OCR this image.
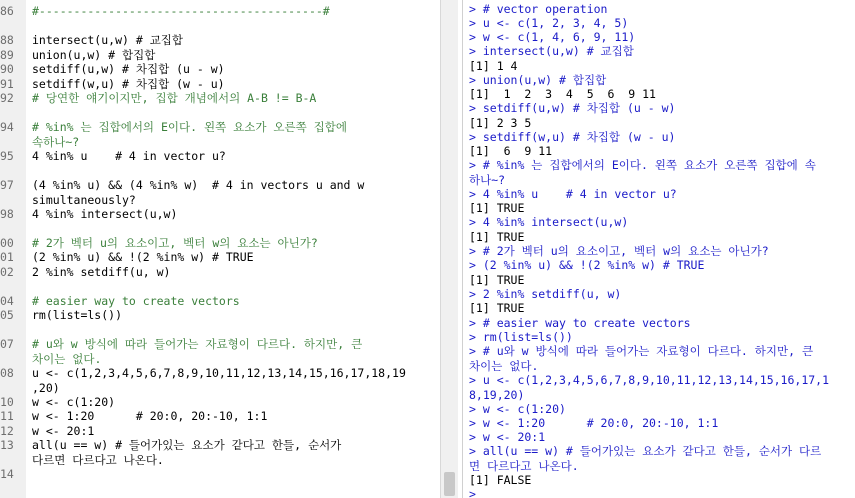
86	#-----------------------------------------#
88	intersect(u,w) # 교집합
89	union(u,w) # 합집합
90	setdiff(u,w) # 차집합 (u - w)
91	setdiff(w,u) # 차집합 (w - u)
92	# 당연한 얘기이지만, 집합 개념에서의 A-B != B-A
94	# %in% 는 집합에서의 E이다. 왼쪽 요소가 오른쪽 집합에
속하나~?
95	4 %in% u    # 4 in vector u?
97	(4 %in% u) && (4 %in% w)  # 4 in vectors u and w
simultaneously?
98	4 %in% intersect(u,w)
00	# 2가 벡터 u의 요소이고, 벡터 w의 요소는 아닌가?
01	(2 %in% u) && !(2 %in% w) # TRUE
02	2 %in% setdiff(u, w)
04	# easier way to create vectors
05	rm(list=ls())
07	# u와 w 방식에 따라 들어가는 자료형이 다르다. 하지만, 큰
차이는 없다.
08	u <- c(1,2,3,4,5,6,7,8,9,10,11,12,13,14,15,16,17,18,19
,20)
10	w <- c(1:20)
11	w <- 1:20      # 20:0, 20:-10, 1:1
12	w <- 20:1
13	all(u == w) # 들어가있는 요소가 같다고 한들, 순서가
다르면 다르다고 나온다.
14
> # vector operation
> u <- c(1, 2, 3, 4, 5)
> w <- c(1, 4, 6, 9, 11)
> intersect(u,w) # 교집합
[1] 1 4
> union(u,w) # 합집합
[1]  1  2  3  4  5  6  9 11
> setdiff(u,w) # 차집합 (u - w)
[1] 2 3 5
> setdiff(w,u) # 차집합 (w - u)
[1]  6  9 11
> # %in% 는 집합에서의 E이다. 왼쪽 요소가 오른쪽 집합에 속
하나~?
> 4 %in% u    # 4 in vector u?
[1] TRUE
> 4 %in% intersect(u,w)
[1] TRUE
> # 2가 벡터 u의 요소이고, 벡터 w의 요소는 아닌가?
> (2 %in% u) && !(2 %in% w) # TRUE
[1] TRUE
> 2 %in% setdiff(u, w)
[1] TRUE
> # easier way to create vectors
> rm(list=ls())
> # u와 w 방식에 따라 들어가는 자료형이 다르다. 하지만, 큰
차이는 없다.
> u <- c(1,2,3,4,5,6,7,8,9,10,11,12,13,14,15,16,17,1
8,19,20)
> w <- c(1:20)
> w <- 1:20      # 20:0, 20:-10, 1:1
> w <- 20:1
> all(u == w) # 들어가있는 요소가 같다고 한들, 순서가 다르
면 다르다고 나온다.
[1] FALSE
>
